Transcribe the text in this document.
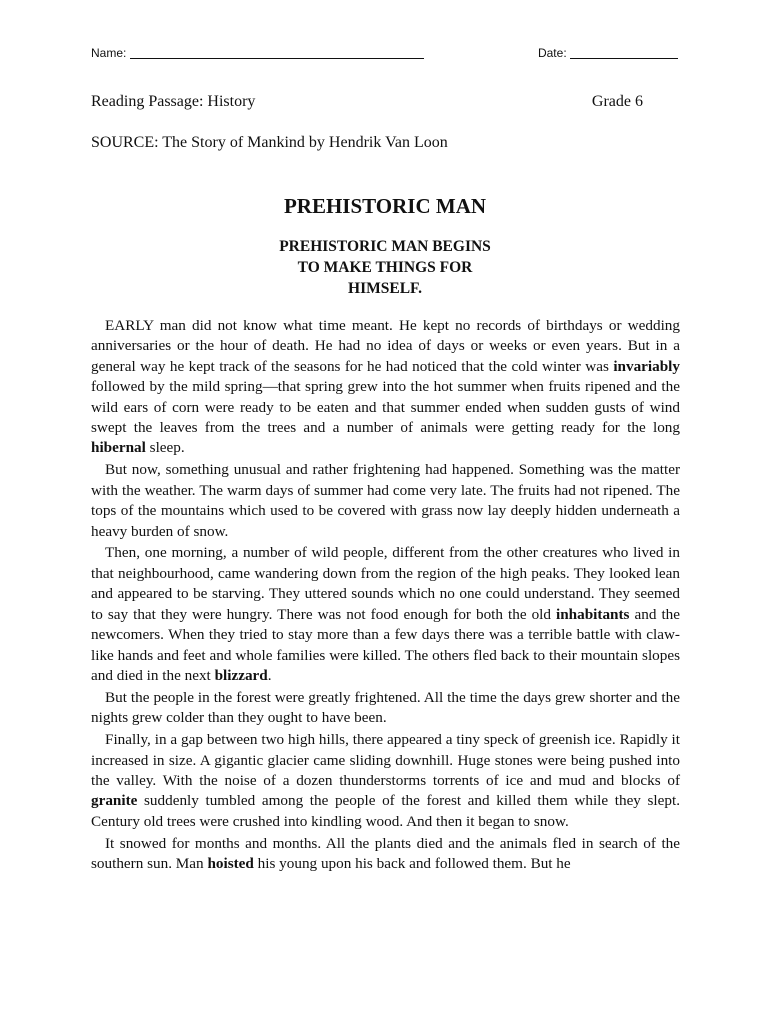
Name:	Date:
Reading Passage: History	Grade 6
SOURCE: The Story of Mankind by Hendrik Van Loon
PREHISTORIC MAN
PREHISTORIC MAN BEGINS
TO MAKE THINGS FOR
HIMSELF.

EARLY man did not know what time meant. He kept no records of birthdays or wedding anniversaries or the hour of death. He had no idea of days or weeks or even years. But in a general way he kept track of the seasons for he had noticed that the cold winter was invariably followed by the mild spring—that spring grew into the hot summer when fruits ripened and the wild ears of corn were ready to be eaten and that summer ended when sudden gusts of wind swept the leaves from the trees and a number of animals were getting ready for the long hibernal sleep.

But now, something unusual and rather frightening had happened. Something was the matter with the weather. The warm days of summer had come very late. The fruits had not ripened. The tops of the mountains which used to be covered with grass now lay deeply hidden underneath a heavy burden of snow.

Then, one morning, a number of wild people, different from the other creatures who lived in that neighbourhood, came wandering down from the region of the high peaks. They looked lean and appeared to be starving. They uttered sounds which no one could understand. They seemed to say that they were hungry. There was not food enough for both the old inhabitants and the newcomers. When they tried to stay more than a few days there was a terrible battle with claw-like hands and feet and whole families were killed. The others fled back to their mountain slopes and died in the next blizzard.

But the people in the forest were greatly frightened. All the time the days grew shorter and the nights grew colder than they ought to have been.

Finally, in a gap between two high hills, there appeared a tiny speck of greenish ice. Rapidly it increased in size. A gigantic glacier came sliding downhill. Huge stones were being pushed into the valley. With the noise of a dozen thunderstorms torrents of ice and mud and blocks of granite suddenly tumbled among the people of the forest and killed them while they slept. Century old trees were crushed into kindling wood. And then it began to snow.

It snowed for months and months. All the plants died and the animals fled in search of the southern sun. Man hoisted his young upon his back and followed them. But he
